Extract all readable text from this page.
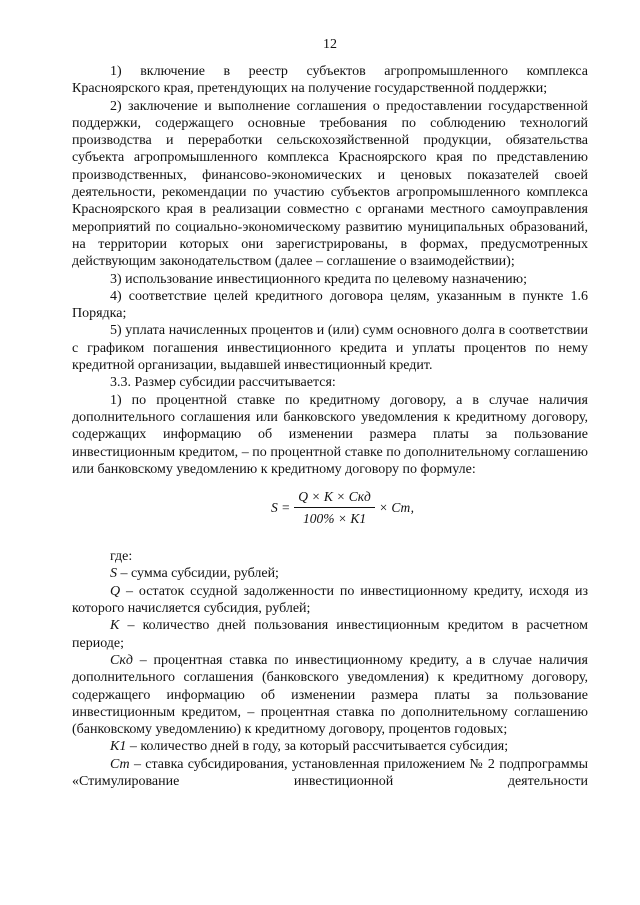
12

1) включение в реестр субъектов агропромышленного комплекса Красноярского края, претендующих на получение государственной поддержки;

2) заключение и выполнение соглашения о предоставлении государственной поддержки, содержащего основные требования по соблюдению технологий производства и переработки сельскохозяйственной продукции, обязательства субъекта агропромышленного комплекса Красноярского края по представлению производственных, финансово-экономических и ценовых показателей своей деятельности, рекомендации по участию субъектов агропромышленного комплекса Красноярского края в реализации совместно с органами местного самоуправления мероприятий по социально-экономическому развитию муниципальных образований, на территории которых они зарегистрированы, в формах, предусмотренных действующим законодательством (далее – соглашение о взаимодействии);

3) использование инвестиционного кредита по целевому назначению;

4) соответствие целей кредитного договора целям, указанным в пункте 1.6 Порядка;

5) уплата начисленных процентов и (или) сумм основного долга в соответствии с графиком погашения инвестиционного кредита и уплаты процентов по нему кредитной организации, выдавшей инвестиционный кредит.

3.3. Размер субсидии рассчитывается:

1) по процентной ставке по кредитному договору, а в случае наличия дополнительного соглашения или банковского уведомления к кредитному договору, содержащих информацию об изменении размера платы за пользование инвестиционным кредитом, – по процентной ставке по дополнительному соглашению или банковскому уведомлению к кредитному договору по формуле:

$S = \frac{\text{Q × K × Cкд}}{100\% \times K1}$ × Ст,

где:

S – сумма субсидии, рублей;

Q – остаток ссудной задолженности по инвестиционному кредиту, исходя из которого начисляется субсидия, рублей;

K – количество дней пользования инвестиционным кредитом в расчетном периоде;

Cкд – процентная ставка по инвестиционному кредиту, а в случае наличия дополнительного соглашения (банковского уведомления) к кредитному договору, содержащего информацию об изменении размера платы за пользование инвестиционным кредитом, – процентная ставка по дополнительному соглашению (банковскому уведомлению) к кредитному договору, процентов годовых;

K1 – количество дней в году, за который рассчитывается субсидия;

Ст – ставка субсидирования, установленная приложением № 2 подпрограммы «Стимулирование инвестиционной деятельности
